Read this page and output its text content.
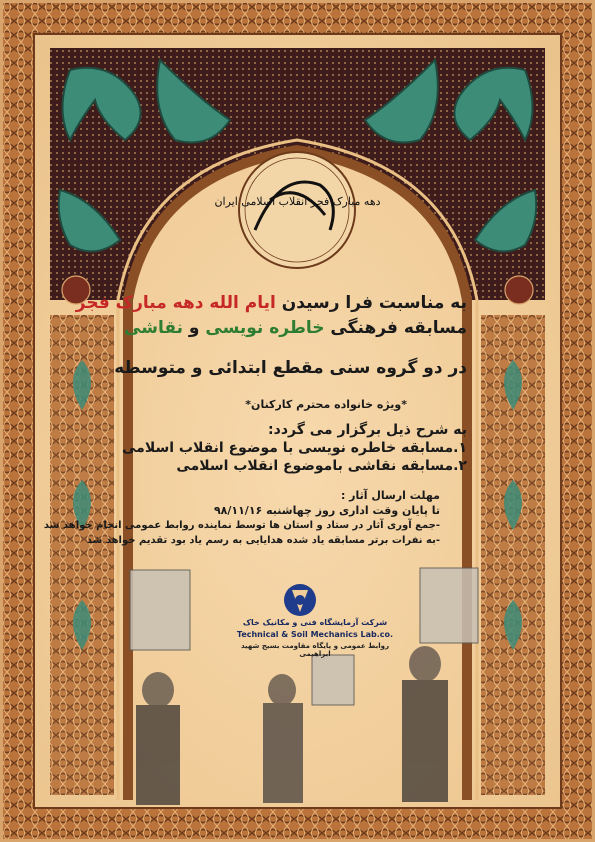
دهه مبارک فجر انقلاب اسلامی ایران
به مناسبت فرا رسیدن ایام الله دهه مبارک فجر
مسابقه فرهنگی خاطره نویسی و نقاشی
در دو گروه سنی مقطع ابتدائی و متوسطه
*ویژه خانواده محترم کارکنان*
به شرح ذیل برگزار می گردد:
۱.مسابقه خاطره نویسی با موضوع انقلاب اسلامی
۲.مسابقه نقاشی باموضوع انقلاب اسلامی
مهلت ارسال آثار :
تا پایان وقت اداری روز چهاشنبه ۹۸/۱۱/۱۶
-جمع آوری آثار در ستاد و استان ها توسط نماینده روابط عمومی انجام خواهد شد
-به نفرات برتر مسابقه یاد شده هدایایی به رسم یاد بود تقدیم خواهد شد
شرکت آزمایشگاه فنی و مکانیک خاک
Technical & Soil Mechanics Lab.co.
روابط عمومی و پایگاه مقاومت بسیج شهید ابراهیمی
